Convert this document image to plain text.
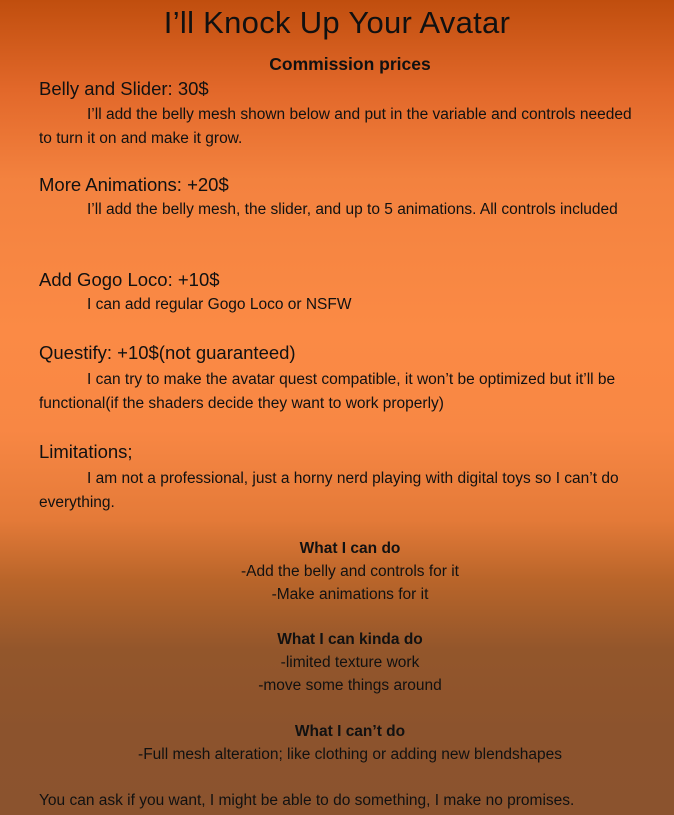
I’ll Knock Up Your Avatar
Commission prices
Belly and Slider: 30$
I’ll add the belly mesh shown below and put in the variable and controls needed to turn it on and make it grow.
More Animations: +20$
I’ll add the belly mesh, the slider, and up to 5 animations. All controls included
Add Gogo Loco: +10$
I can add regular Gogo Loco or NSFW
Questify: +10$(not guaranteed)
I can try to make the avatar quest compatible, it won’t be optimized but it’ll be functional(if the shaders decide they want to work properly)
Limitations;
I am not a professional, just a horny nerd playing with digital toys so I can’t do everything.
What I can do
-Add the belly and controls for it
-Make animations for it
What I can kinda do
-limited texture work
-move some things around
What I can’t do
-Full mesh alteration; like clothing or adding new blendshapes
You can ask if you want, I might be able to do something, I make no promises.
